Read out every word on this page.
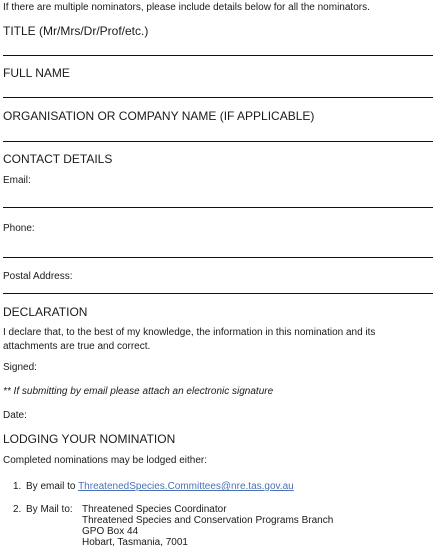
If there are multiple nominators, please include details below for all the nominators.
TITLE (Mr/Mrs/Dr/Prof/etc.)
FULL NAME
ORGANISATION OR COMPANY NAME (IF APPLICABLE)
CONTACT DETAILS
Email:
Phone:
Postal Address:
DECLARATION
I declare that, to the best of my knowledge, the information in this nomination and its
attachments are true and correct.
Signed:
** If submitting by email please attach an electronic signature
Date:
LODGING YOUR NOMINATION
Completed nominations may be lodged either:
1. By email to ThreatenedSpecies.Committees@nre.tas.gov.au
2. By Mail to: Threatened Species Coordinator
Threatened Species and Conservation Programs Branch
GPO Box 44
Hobart, Tasmania, 7001
